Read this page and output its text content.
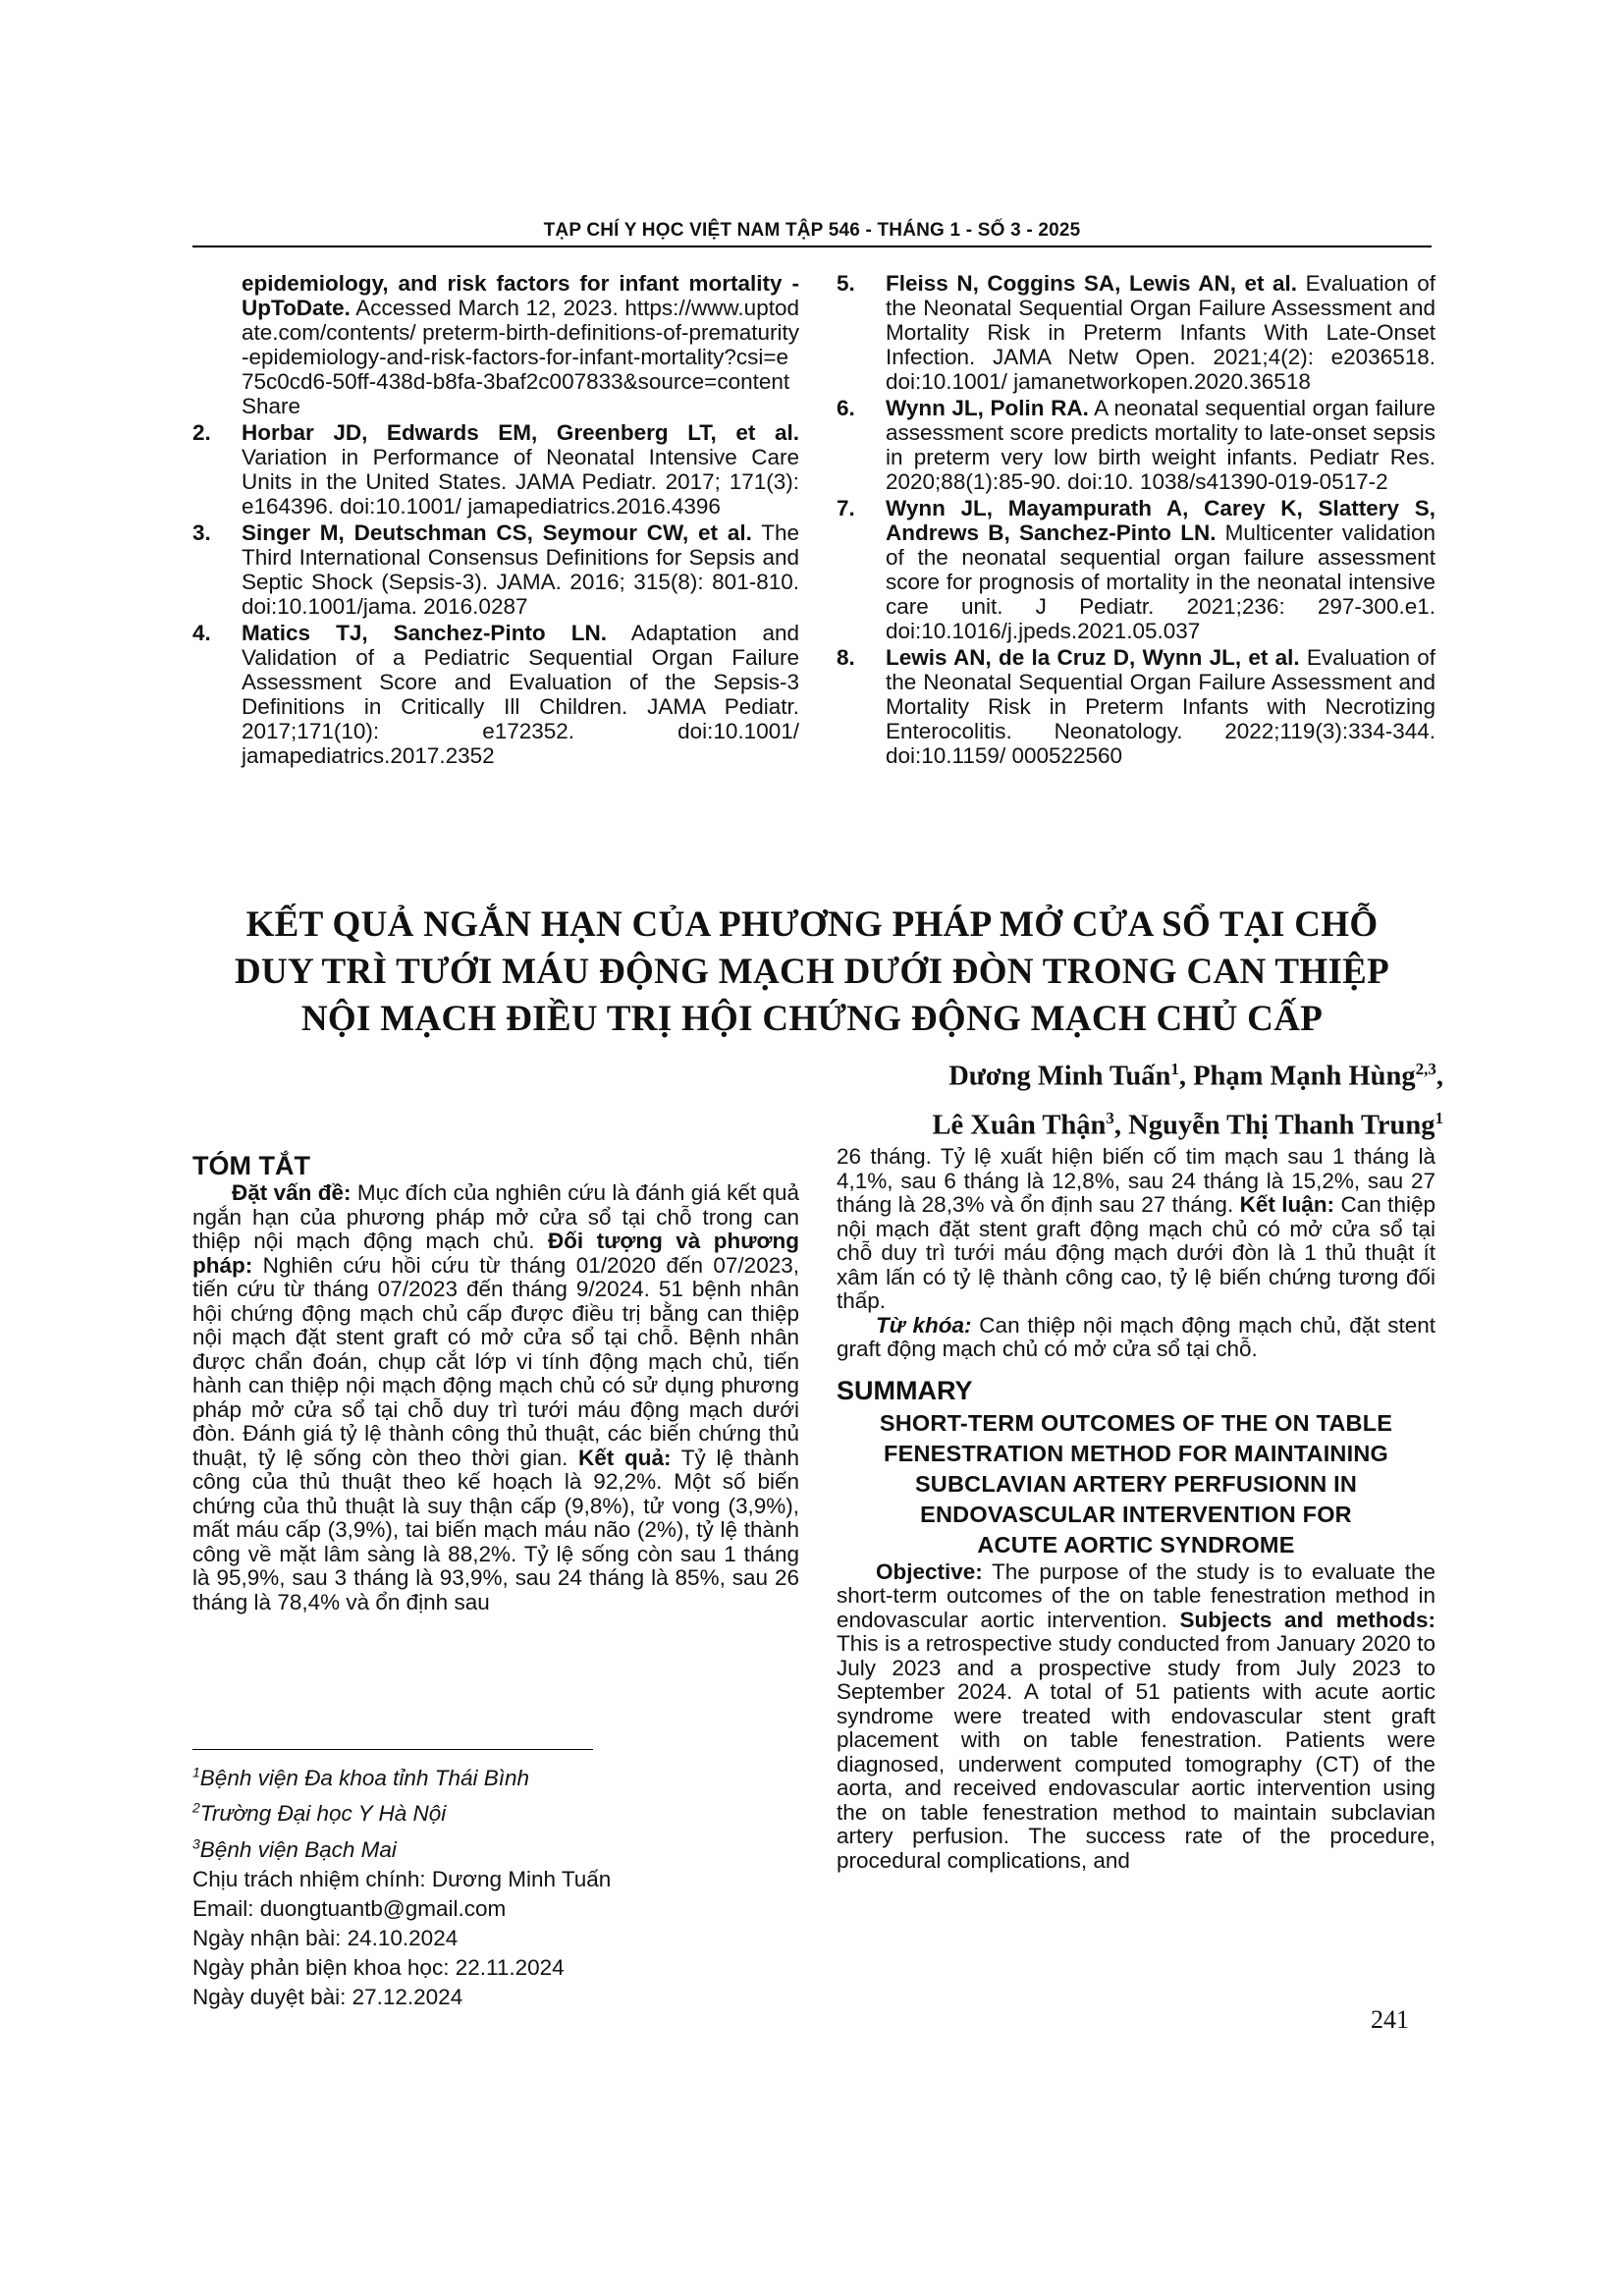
TẠP CHÍ Y HỌC VIỆT NAM TẬP 546 - THÁNG 1 - SỐ 3 - 2025
epidemiology, and risk factors for infant mortality - UpToDate. Accessed March 12, 2023. https://www.uptodate.com/contents/ preterm-birth-definitions-of-prematurity-epidemiology-and-risk-factors-for-infant-mortality?csi=e75c0cd6-50ff-438d-b8fa-3baf2c007833&source=contentShare
2.	Horbar JD, Edwards EM, Greenberg LT, et al. Variation in Performance of Neonatal Intensive Care Units in the United States. JAMA Pediatr. 2017; 171(3): e164396. doi:10.1001/ jamapediatrics.2016.4396
3.	Singer M, Deutschman CS, Seymour CW, et al. The Third International Consensus Definitions for Sepsis and Septic Shock (Sepsis-3). JAMA. 2016; 315(8): 801-810. doi:10.1001/jama. 2016.0287
4.	Matics TJ, Sanchez-Pinto LN. Adaptation and Validation of a Pediatric Sequential Organ Failure Assessment Score and Evaluation of the Sepsis-3 Definitions in Critically Ill Children. JAMA Pediatr. 2017;171(10): e172352. doi:10.1001/ jamapediatrics.2017.2352
5.	Fleiss N, Coggins SA, Lewis AN, et al. Evaluation of the Neonatal Sequential Organ Failure Assessment and Mortality Risk in Preterm Infants With Late-Onset Infection. JAMA Netw Open. 2021;4(2): e2036518. doi:10.1001/ jamanetworkopen.2020.36518
6.	Wynn JL, Polin RA. A neonatal sequential organ failure assessment score predicts mortality to late-onset sepsis in preterm very low birth weight infants. Pediatr Res. 2020;88(1):85-90. doi:10. 1038/s41390-019-0517-2
7.	Wynn JL, Mayampurath A, Carey K, Slattery S, Andrews B, Sanchez-Pinto LN. Multicenter validation of the neonatal sequential organ failure assessment score for prognosis of mortality in the neonatal intensive care unit. J Pediatr. 2021;236: 297-300.e1. doi:10.1016/j.jpeds.2021.05.037
8.	Lewis AN, de la Cruz D, Wynn JL, et al. Evaluation of the Neonatal Sequential Organ Failure Assessment and Mortality Risk in Preterm Infants with Necrotizing Enterocolitis. Neonatology. 2022;119(3):334-344. doi:10.1159/ 000522560
KẾT QUẢ NGẮN HẠN CỦA PHƯƠNG PHÁP MỞ CỬA SỔ TẠI CHỖ
DUY TRÌ TƯỚI MÁU ĐỘNG MẠCH DƯỚI ĐÒN TRONG CAN THIỆP
NỘI MẠCH ĐIỀU TRỊ HỘI CHỨNG ĐỘNG MẠCH CHỦ CẤP
Dương Minh Tuấn$^1$, Phạm Mạnh Hùng$^{2,3}$,
Lê Xuân Thận$^3$, Nguyễn Thị Thanh Trung$^1$
TÓM TẮT

Đặt vấn đề: Mục đích của nghiên cứu là đánh giá kết quả ngắn hạn của phương pháp mở cửa sổ tại chỗ trong can thiệp nội mạch động mạch chủ. Đối tượng và phương pháp: Nghiên cứu hồi cứu từ tháng 01/2020 đến 07/2023, tiến cứu từ tháng 07/2023 đến tháng 9/2024. 51 bệnh nhân hội chứng động mạch chủ cấp được điều trị bằng can thiệp nội mạch đặt stent graft có mở cửa sổ tại chỗ. Bệnh nhân được chẩn đoán, chụp cắt lớp vi tính động mạch chủ, tiến hành can thiệp nội mạch động mạch chủ có sử dụng phương pháp mở cửa sổ tại chỗ duy trì tưới máu động mạch dưới đòn. Đánh giá tỷ lệ thành công thủ thuật, các biến chứng thủ thuật, tỷ lệ sống còn theo thời gian. Kết quả: Tỷ lệ thành công của thủ thuật theo kế hoạch là 92,2%. Một số biến chứng của thủ thuật là suy thận cấp (9,8%), tử vong (3,9%), mất máu cấp (3,9%), tai biến mạch máu não (2%), tỷ lệ thành công về mặt lâm sàng là 88,2%. Tỷ lệ sống còn sau 1 tháng là 95,9%, sau 3 tháng là 93,9%, sau 24 tháng là 85%, sau 26 tháng là 78,4% và ổn định sau

26 tháng. Tỷ lệ xuất hiện biến cố tim mạch sau 1 tháng là 4,1%, sau 6 tháng là 12,8%, sau 24 tháng là 15,2%, sau 27 tháng là 28,3% và ổn định sau 27 tháng. Kết luận: Can thiệp nội mạch đặt stent graft động mạch chủ có mở cửa sổ tại chỗ duy trì tưới máu động mạch dưới đòn là 1 thủ thuật ít xâm lấn có tỷ lệ thành công cao, tỷ lệ biến chứng tương đối thấp.

Từ khóa: Can thiệp nội mạch động mạch chủ, đặt stent graft động mạch chủ có mở cửa sổ tại chỗ.

SUMMARY
SHORT-TERM OUTCOMES OF THE ON TABLE
FENESTRATION METHOD FOR MAINTAINING
SUBCLAVIAN ARTERY PERFUSIONN IN
ENDOVASCULAR INTERVENTION FOR
ACUTE AORTIC SYNDROME

Objective: The purpose of the study is to evaluate the short-term outcomes of the on table fenestration method in endovascular aortic intervention. Subjects and methods: This is a retrospective study conducted from January 2020 to July 2023 and a prospective study from July 2023 to September 2024. A total of 51 patients with acute aortic syndrome were treated with endovascular stent graft placement with on table fenestration. Patients were diagnosed, underwent computed tomography (CT) of the aorta, and received endovascular aortic intervention using the on table fenestration method to maintain subclavian artery perfusion. The success rate of the procedure, procedural complications, and

$^1$Bệnh viện Đa khoa tỉnh Thái Bình
$^2$Trường Đại học Y Hà Nội
$^3$Bệnh viện Bạch Mai
Chịu trách nhiệm chính: Dương Minh Tuấn
Email: duongtuantb@gmail.com
Ngày nhận bài: 24.10.2024
Ngày phản biện khoa học: 22.11.2024
Ngày duyệt bài: 27.12.2024
241
